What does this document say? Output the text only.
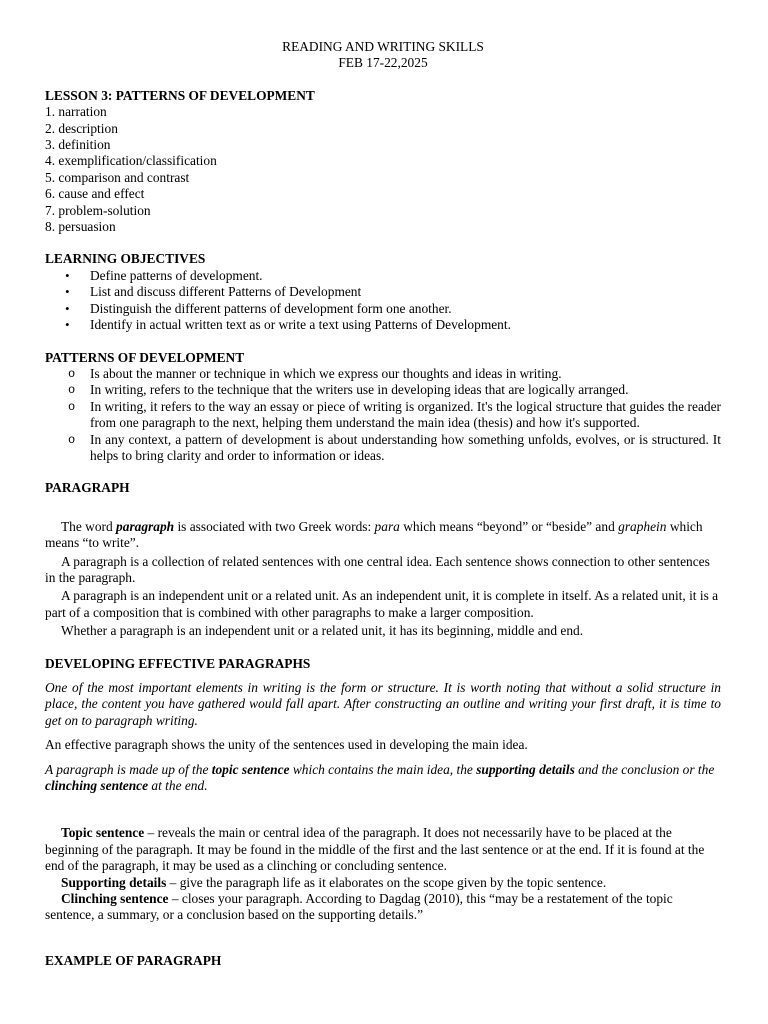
READING AND WRITING SKILLS

FEB 17-22,2025

LESSON 3: PATTERNS OF DEVELOPMENT

1. narration
2. description
3. definition
4. exemplification/classification
5. comparison and contrast
6. cause and effect
7. problem-solution
8. persuasion

LEARNING OBJECTIVES

• Define patterns of development.
• List and discuss different Patterns of Development
• Distinguish the different patterns of development form one another.
• Identify in actual written text as or write a text using Patterns of Development.

PATTERNS OF DEVELOPMENT

o Is about the manner or technique in which we express our thoughts and ideas in writing.
o In writing, refers to the technique that the writers use in developing ideas that are logically arranged.
o In writing, it refers to the way an essay or piece of writing is organized. It's the logical structure that guides the reader from one paragraph to the next, helping them understand the main idea (thesis) and how it's supported.
o In any context, a pattern of development is about understanding how something unfolds, evolves, or is structured. It helps to bring clarity and order to information or ideas.

PARAGRAPH

The word paragraph is associated with two Greek words: para which means “beyond” or “beside” and graphein which means “to write”.

A paragraph is a collection of related sentences with one central idea. Each sentence shows connection to other sentences in the paragraph.

A paragraph is an independent unit or a related unit. As an independent unit, it is complete in itself. As a related unit, it is a part of a composition that is combined with other paragraphs to make a larger composition.

Whether a paragraph is an independent unit or a related unit, it has its beginning, middle and end.

DEVELOPING EFFECTIVE PARAGRAPHS

One of the most important elements in writing is the form or structure. It is worth noting that without a solid structure in place, the content you have gathered would fall apart. After constructing an outline and writing your first draft, it is time to get on to paragraph writing.

An effective paragraph shows the unity of the sentences used in developing the main idea.

A paragraph is made up of the topic sentence which contains the main idea, the supporting details and the conclusion or the clinching sentence at the end.

Topic sentence – reveals the main or central idea of the paragraph. It does not necessarily have to be placed at the beginning of the paragraph. It may be found in the middle of the first and the last sentence or at the end. If it is found at the end of the paragraph, it may be used as a clinching or concluding sentence.

Supporting details – give the paragraph life as it elaborates on the scope given by the topic sentence.

Clinching sentence – closes your paragraph. According to Dagdag (2010), this “may be a restatement of the topic sentence, a summary, or a conclusion based on the supporting details.”

EXAMPLE OF PARAGRAPH
